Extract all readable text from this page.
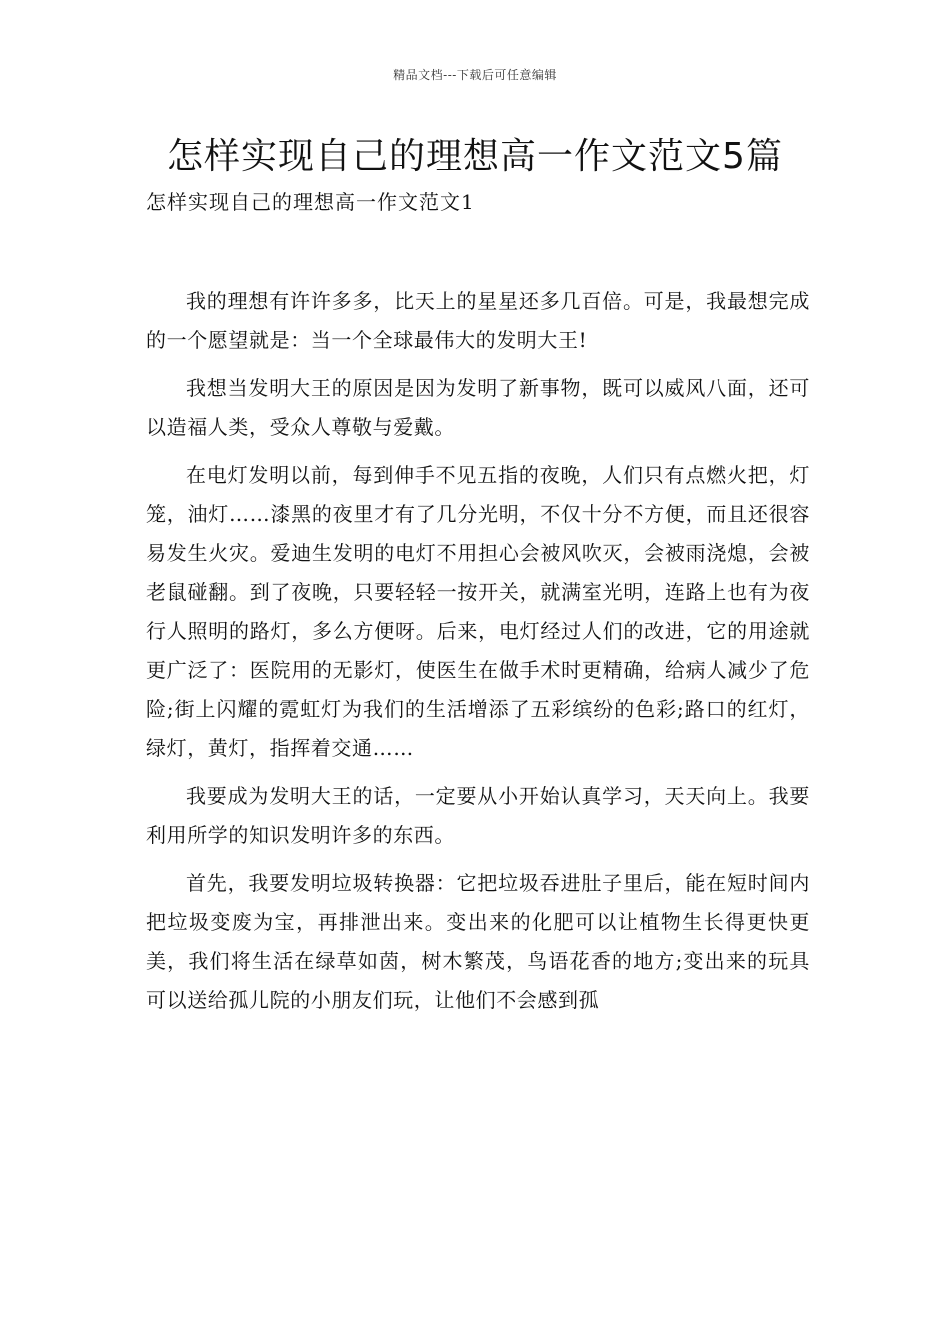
精品文档---下载后可任意编辑
怎样实现自己的理想高一作文范文5篇
怎样实现自己的理想高一作文范文1

我的理想有许许多多，比天上的星星还多几百倍。可是，我最想完成的一个愿望就是：当一个全球最伟大的发明大王!

我想当发明大王的原因是因为发明了新事物，既可以威风八面，还可以造福人类，受众人尊敬与爱戴。

在电灯发明以前，每到伸手不见五指的夜晚，人们只有点燃火把，灯笼，油灯……漆黑的夜里才有了几分光明，不仅十分不方便，而且还很容易发生火灾。爱迪生发明的电灯不用担心会被风吹灭，会被雨浇熄，会被老鼠碰翻。到了夜晚，只要轻轻一按开关，就满室光明，连路上也有为夜行人照明的路灯，多么方便呀。后来，电灯经过人们的改进，它的用途就更广泛了：医院用的无影灯，使医生在做手术时更精确，给病人减少了危险;街上闪耀的霓虹灯为我们的生活增添了五彩缤纷的色彩;路口的红灯，绿灯，黄灯，指挥着交通……

我要成为发明大王的话，一定要从小开始认真学习，天天向上。我要利用所学的知识发明许多的东西。

首先，我要发明垃圾转换器：它把垃圾吞进肚子里后，能在短时间内把垃圾变废为宝，再排泄出来。变出来的化肥可以让植物生长得更快更美，我们将生活在绿草如茵，树木繁茂，鸟语花香的地方;变出来的玩具可以送给孤儿院的小朋友们玩，让他们不会感到孤
